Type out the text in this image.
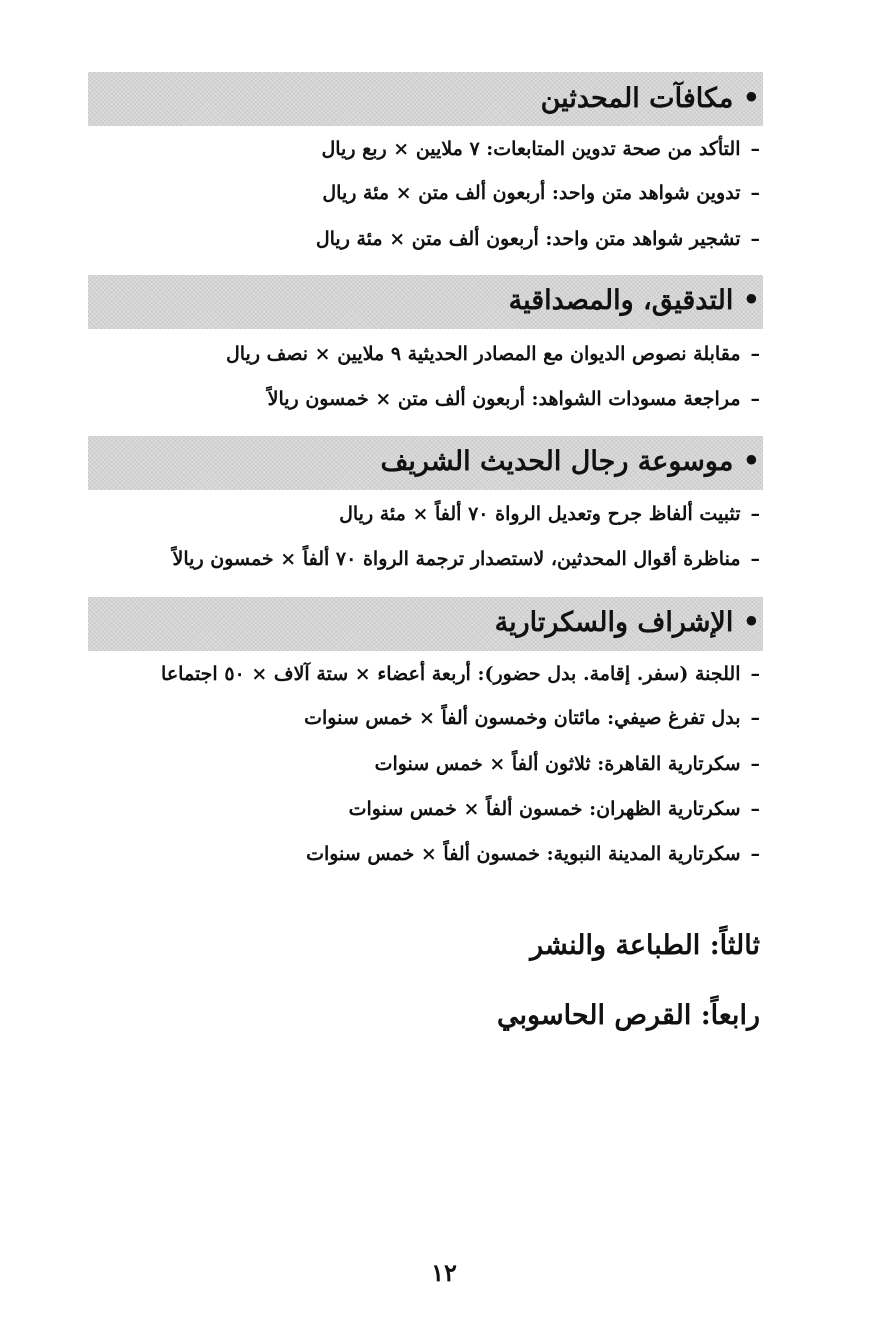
• مكافآت المحدثين
–التأكد من صحة تدوين المتابعات: ٧ ملايين × ربع ريال
–تدوين شواهد متن واحد: أربعون ألف متن × مئة ريال
–تشجير شواهد متن واحد: أربعون ألف متن × مئة ريال
• التدقيق، والمصداقية
–مقابلة نصوص الديوان مع المصادر الحديثية ٩ ملايين × نصف ريال
–مراجعة مسودات الشواهد: أربعون ألف متن × خمسون ريالاً
• موسوعة رجال الحديث الشريف
–تثبيت ألفاظ جرح وتعديل الرواة ٧٠ ألفاً × مئة ريال
–مناظرة أقوال المحدثين، لاستصدار ترجمة الرواة ٧٠ ألفاً × خمسون ريالاً
• الإشراف والسكرتارية
–اللجنة (سفر. إقامة. بدل حضور): أربعة أعضاء × ستة آلاف × ٥٠ اجتماعا
–بدل تفرغ صيفي: مائتان وخمسون ألفاً × خمس سنوات
–سكرتارية القاهرة: ثلاثون ألفاً × خمس سنوات
–سكرتارية الظهران: خمسون ألفاً × خمس سنوات
–سكرتارية المدينة النبوية: خمسون ألفاً × خمس سنوات
ثالثاً: الطباعة والنشر
رابعاً: القرص الحاسوبي
١٢
